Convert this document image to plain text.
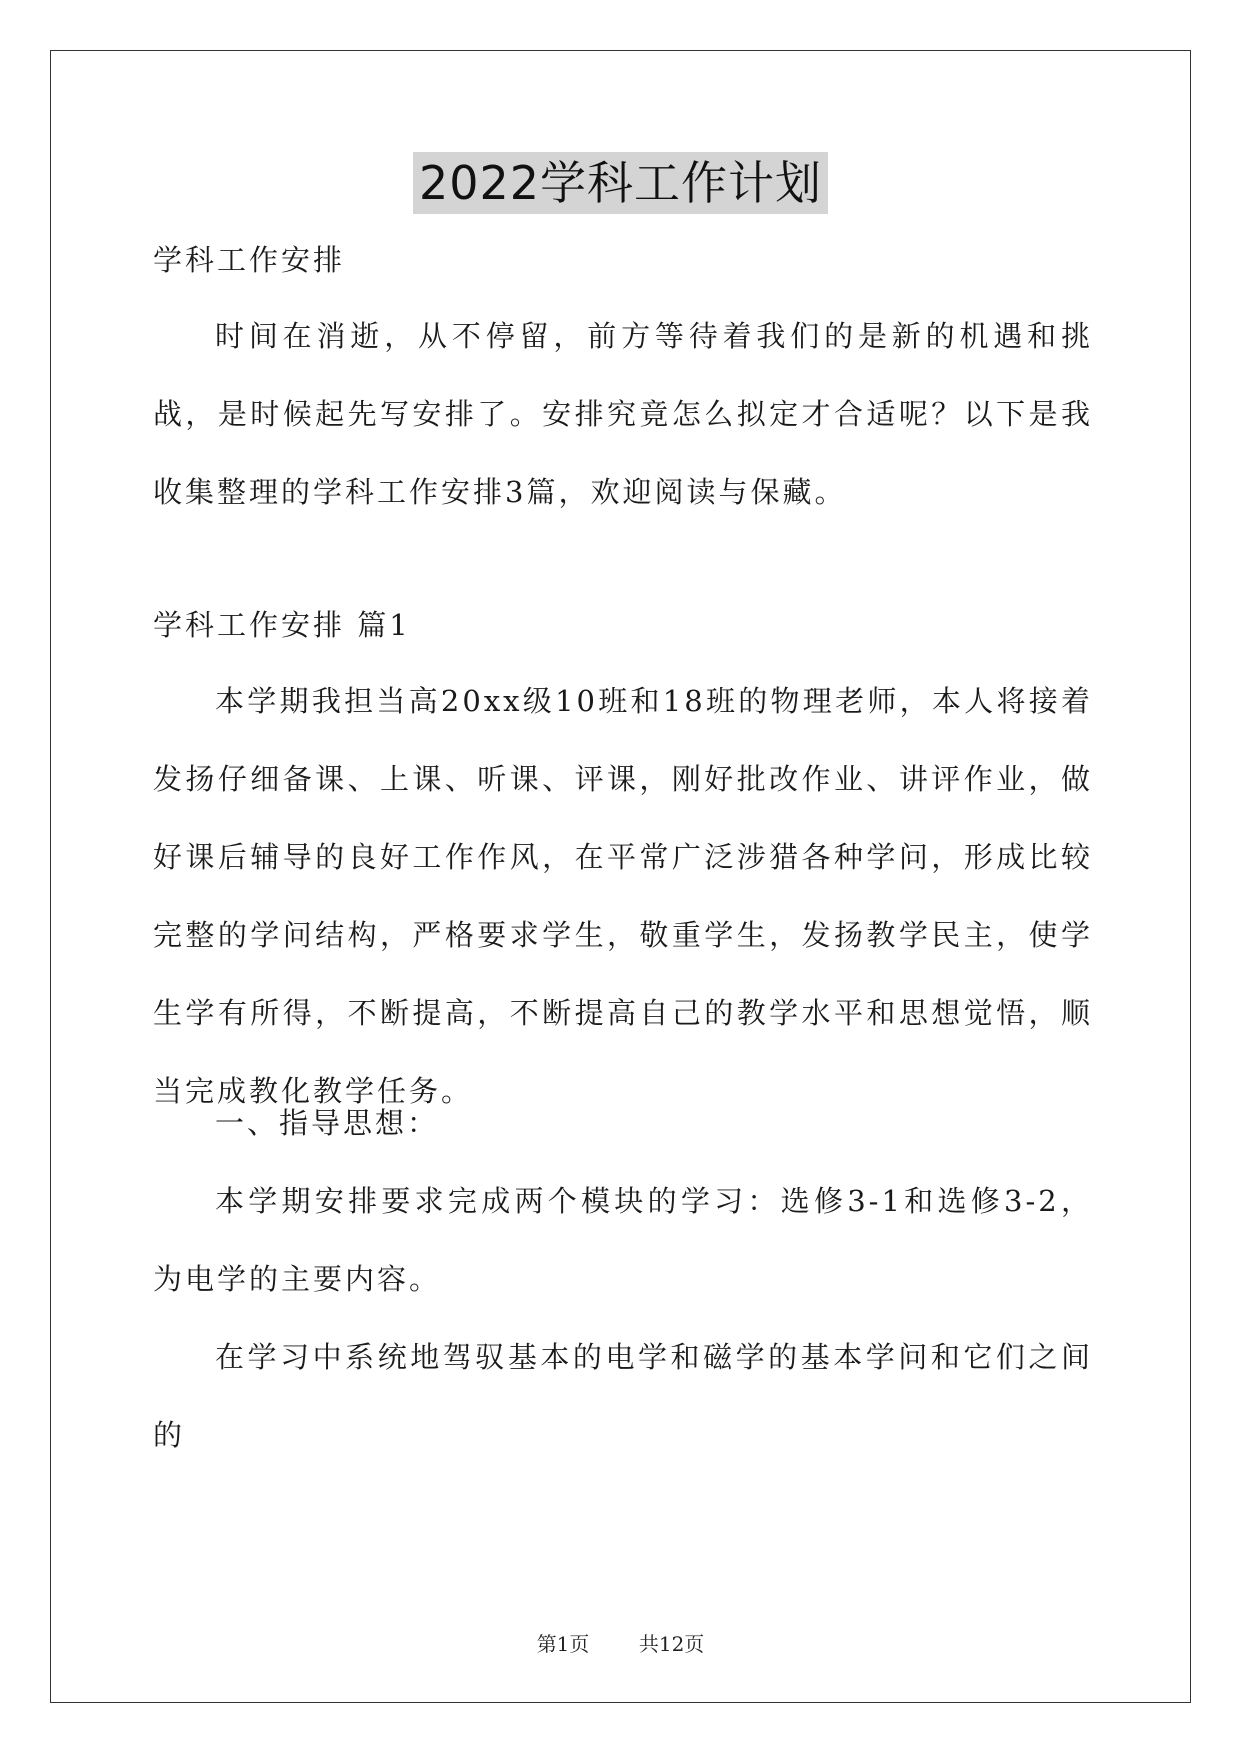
2022学科工作计划

学科工作安排

时间在消逝，从不停留，前方等待着我们的是新的机遇和挑战，是时候起先写安排了。安排究竟怎么拟定才合适呢？以下是我收集整理的学科工作安排3篇，欢迎阅读与保藏。

学科工作安排 篇1

本学期我担当高20xx级10班和18班的物理老师，本人将接着发扬仔细备课、上课、听课、评课，刚好批改作业、讲评作业，做好课后辅导的良好工作作风，在平常广泛涉猎各种学问，形成比较完整的学问结构，严格要求学生，敬重学生，发扬教学民主，使学生学有所得，不断提高，不断提高自己的教学水平和思想觉悟，顺当完成教化教学任务。

一、指导思想：

本学期安排要求完成两个模块的学习：选修3-1和选修3-2，为电学的主要内容。

在学习中系统地驾驭基本的电学和磁学的基本学问和它们之间的

第1页 共12页
